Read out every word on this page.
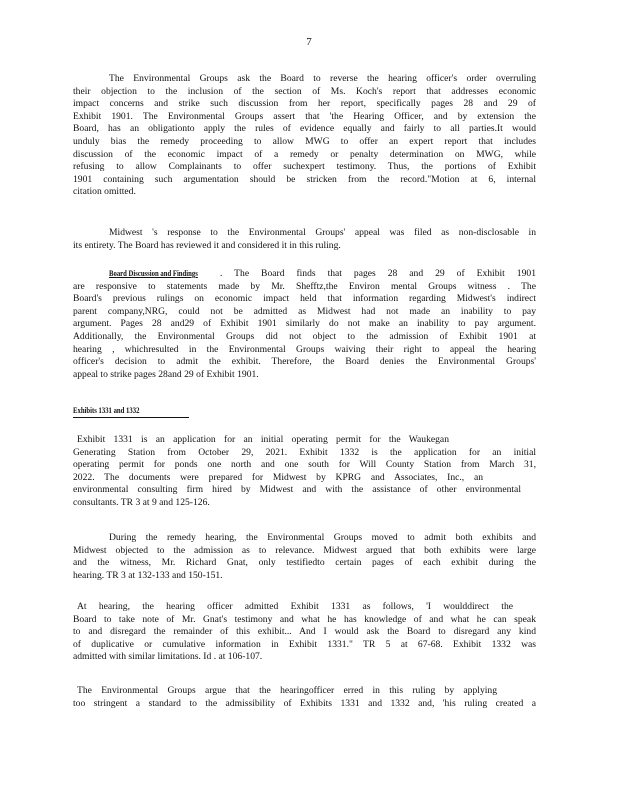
7
The Environmental Groups ask the Board to reverse the hearing officer's order overruling
their objection to the inclusion of the section of Ms. Koch's report that addresses economic
impact concerns and strike such discussion from her report, specifically pages 28 and 29 of
Exhibit 1901. The Environmental Groups assert that 'the Hearing Officer, and by extension the
Board, has an obligationto apply the rules of evidence equally and fairly to all parties.It would
unduly bias the remedy proceeding to allow MWG to offer an expert report that includes
discussion of the economic impact of a remedy or penalty determination on MWG, while
refusing to allow Complainants to offer suchexpert testimony. Thus, the portions of Exhibit
1901 containing such argumentation should be stricken from the record."Motion at 6, internal
citation omitted.
Midwest 's response to the Environmental Groups' appeal was filed as non-disclosable in
its entirety. The Board has reviewed it and considered it in this ruling.
Board Discussion and Findings . The Board finds that pages 28 and 29 of Exhibit 1901
are responsive to statements made by Mr. Shefftz,the Environ mental Groups witness . The
Board's previous rulings on economic impact held that information regarding Midwest's indirect
parent company,NRG, could not be admitted as Midwest had not made an inability to pay
argument. Pages 28 and29 of Exhibit 1901 similarly do not make an inability to pay argument.
Additionally, the Environmental Groups did not object to the admission of Exhibit 1901 at
hearing , whichresulted in the Environmental Groups waiving their right to appeal the hearing
officer's decision to admit the exhibit. Therefore, the Board denies the Environmental Groups'
appeal to strike pages 28and 29 of Exhibit 1901.
Exhibits 1331 and 1332
Exhibit 1331 is an application for an initial operating permit for the Waukegan
Generating Station from October 29, 2021. Exhibit 1332 is the application for an initial
operating permit for ponds one north and one south for Will County Station from March 31,
2022. The documents were prepared for Midwest by KPRG and Associates, Inc., an
environmental consulting firm hired by Midwest and with the assistance of other environmental
consultants. TR 3 at 9 and 125-126.
During the remedy hearing, the Environmental Groups moved to admit both exhibits and
Midwest objected to the admission as to relevance. Midwest argued that both exhibits were large
and the witness, Mr. Richard Gnat, only testifiedto certain pages of each exhibit during the
hearing. TR 3 at 132-133 and 150-151.
At hearing, the hearing officer admitted Exhibit 1331 as follows, 'I woulddirect the
Board to take note of Mr. Gnat's testimony and what he has knowledge of and what he can speak
to and disregard the remainder of this exhibit... And I would ask the Board to disregard any kind
of duplicative or cumulative information in Exhibit 1331." TR 5 at 67-68. Exhibit 1332 was
admitted with similar limitations. Id . at 106-107.
The Environmental Groups argue that the hearingofficer erred in this ruling by applying
too stringent a standard to the admissibility of Exhibits 1331 and 1332 and, 'his ruling created a
